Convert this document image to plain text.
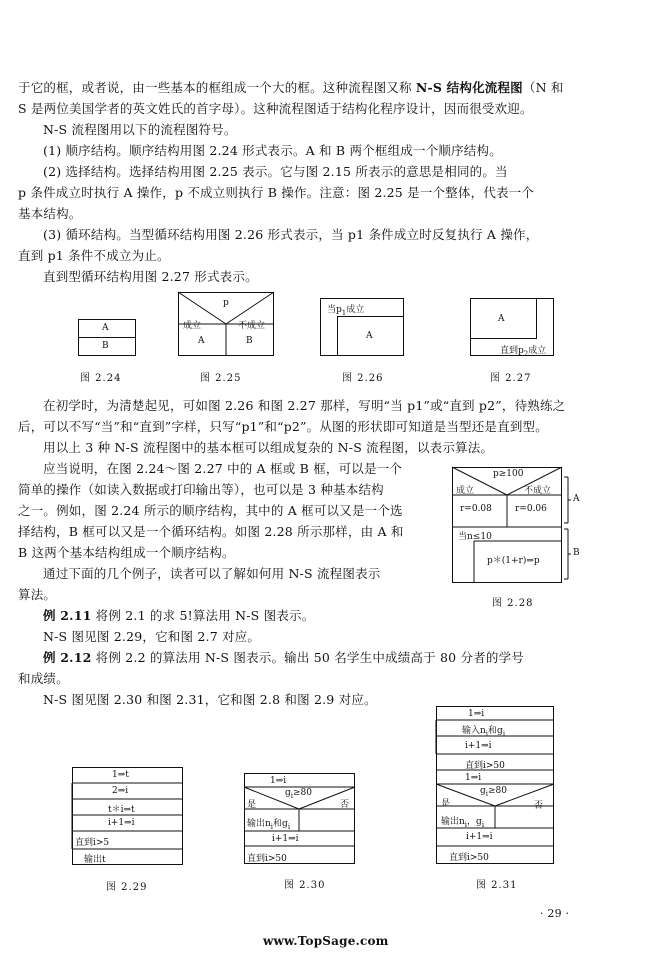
于它的框，或者说，由一些基本的框组成一个大的框。这种流程图又称 N-S 结构化流程图（N 和
S 是两位美国学者的英文姓氏的首字母）。这种流程图适于结构化程序设计，因而很受欢迎。
N-S 流程图用以下的流程图符号。
(1) 顺序结构。顺序结构用图 2.24 形式表示。A 和 B 两个框组成一个顺序结构。
(2) 选择结构。选择结构用图 2.25 表示。它与图 2.15 所表示的意思是相同的。当
p 条件成立时执行 A 操作，p 不成立则执行 B 操作。注意：图 2.25 是一个整体，代表一个
基本结构。
(3) 循环结构。当型循环结构用图 2.26 形式表示，当 p1 条件成立时反复执行 A 操作，
直到 p1 条件不成立为止。
直到型循环结构用图 2.27 形式表示。
A
B
图 2.24
p
成立	不成立
A	B
图 2.25
当$p_1$成立
A
图 2.26
A
直到$p_2$成立
图 2.27
在初学时，为清楚起见，可如图 2.26 和图 2.27 那样，写明“当 p1”或“直到 p2”，待熟练之
后，可以不写“当”和“直到”字样，只写“p1”和“p2”。从图的形状即可知道是当型还是直到型。
用以上 3 种 N-S 流程图中的基本框可以组成复杂的 N-S 流程图，以表示算法。
应当说明，在图 2.24～图 2.27 中的 A 框或 B 框，可以是一个
简单的操作（如读入数据或打印输出等），也可以是 3 种基本结构
之一。例如，图 2.24 所示的顺序结构，其中的 A 框可以又是一个选
择结构，B 框可以又是一个循环结构。如图 2.28 所示那样，由 A 和
B 这两个基本结构组成一个顺序结构。
通过下面的几个例子，读者可以了解如何用 N-S 流程图表示
算法。
p≥100
成立	不成立
r=0.08	r=0.06
当n≤10
p＊(1+r)⇒p
A
B
图 2.28
例 2.11 将例 2.1 的求 5!算法用 N-S 图表示。
N-S 图见图 2.29，它和图 2.7 对应。
例 2.12 将例 2.2 的算法用 N-S 图表示。输出 50 名学生中成绩高于 80 分者的学号
和成绩。
N-S 图见图 2.30 和图 2.31，它和图 2.8 和图 2.9 对应。
1⇒t
2⇒i
t＊i⇒t
i+1⇒i
直到i>5
输出t
图 2.29
1⇒i
$g_i\ge 80$
是	否
输出$n_i$和$g_i$
i+1⇒i
直到i>50
图 2.30
1⇒i
输入$n_i$和$g_i$
i+1⇒i
直到i>50
1⇒i
$g_i\ge 80$
是	否
输出$n_i$，$g_i$
i+1⇒i
直到i>50
图 2.31
· 29 ·
www.TopSage.com
